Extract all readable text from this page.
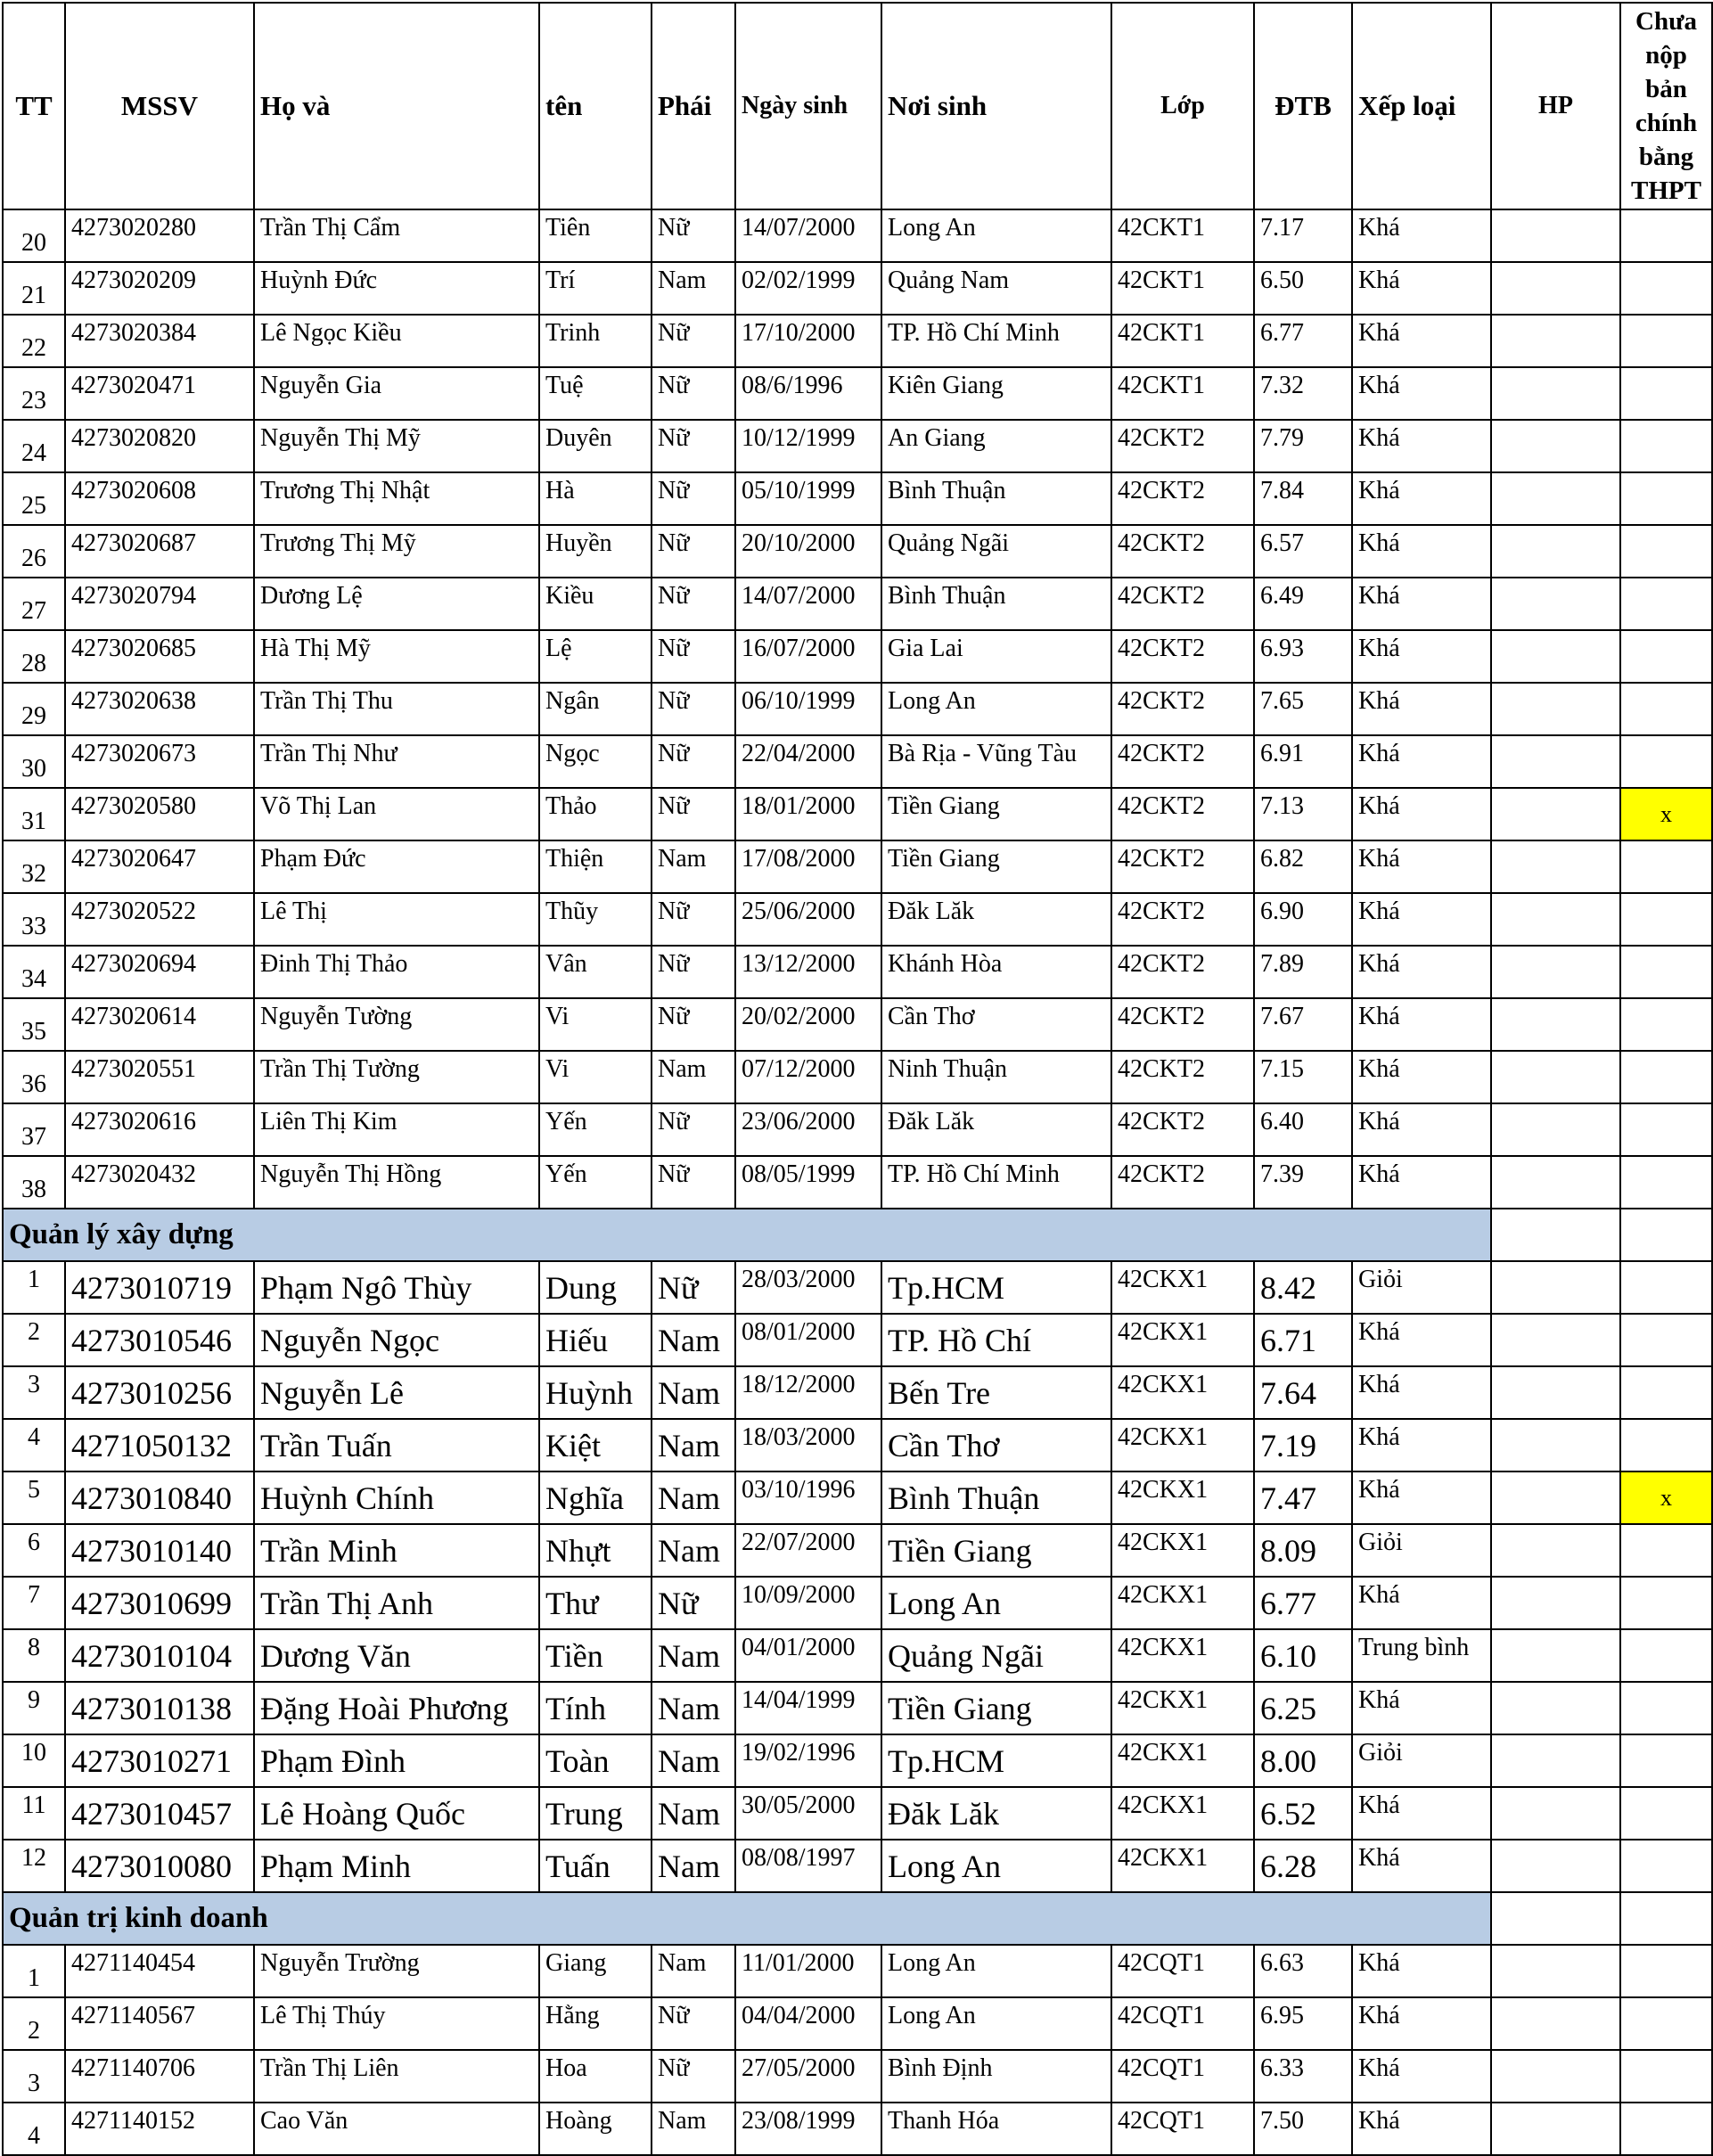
TT	MSSV	Họ và	tên	Phái	Ngày sinh	Nơi sinh	Lớp	ĐTB	Xếp loại	HP	Chưa nộp bản chính bằng THPT
20	4273020280	Trần Thị Cẩm	Tiên	Nữ	14/07/2000	Long An	42CKT1	7.17	Khá		
21	4273020209	Huỳnh Đức	Trí	Nam	02/02/1999	Quảng Nam	42CKT1	6.50	Khá		
22	4273020384	Lê Ngọc Kiều	Trinh	Nữ	17/10/2000	TP. Hồ Chí Minh	42CKT1	6.77	Khá		
23	4273020471	Nguyễn Gia	Tuệ	Nữ	08/6/1996	Kiên Giang	42CKT1	7.32	Khá		
24	4273020820	Nguyễn Thị Mỹ	Duyên	Nữ	10/12/1999	An Giang	42CKT2	7.79	Khá		
25	4273020608	Trương Thị Nhật	Hà	Nữ	05/10/1999	Bình Thuận	42CKT2	7.84	Khá		
26	4273020687	Trương Thị Mỹ	Huyền	Nữ	20/10/2000	Quảng Ngãi	42CKT2	6.57	Khá		
27	4273020794	Dương Lệ	Kiều	Nữ	14/07/2000	Bình Thuận	42CKT2	6.49	Khá		
28	4273020685	Hà Thị Mỹ	Lệ	Nữ	16/07/2000	Gia Lai	42CKT2	6.93	Khá		
29	4273020638	Trần Thị Thu	Ngân	Nữ	06/10/1999	Long An	42CKT2	7.65	Khá		
30	4273020673	Trần Thị Như	Ngọc	Nữ	22/04/2000	Bà Rịa - Vũng Tàu	42CKT2	6.91	Khá		
31	4273020580	Võ Thị Lan	Thảo	Nữ	18/01/2000	Tiền Giang	42CKT2	7.13	Khá		x
32	4273020647	Phạm Đức	Thiện	Nam	17/08/2000	Tiền Giang	42CKT2	6.82	Khá		
33	4273020522	Lê Thị	Thũy	Nữ	25/06/2000	Đăk Lăk	42CKT2	6.90	Khá		
34	4273020694	Đinh Thị Thảo	Vân	Nữ	13/12/2000	Khánh Hòa	42CKT2	7.89	Khá		
35	4273020614	Nguyễn Tường	Vi	Nữ	20/02/2000	Cần Thơ	42CKT2	7.67	Khá		
36	4273020551	Trần Thị Tường	Vi	Nam	07/12/2000	Ninh Thuận	42CKT2	7.15	Khá		
37	4273020616	Liên Thị Kim	Yến	Nữ	23/06/2000	Đăk Lăk	42CKT2	6.40	Khá		
38	4273020432	Nguyễn Thị Hồng	Yến	Nữ	08/05/1999	TP. Hồ Chí Minh	42CKT2	7.39	Khá		
Quản lý xây dựng											
1	4273010719	Phạm Ngô Thùy	Dung	Nữ	28/03/2000	Tp.HCM	42CKX1	8.42	Giỏi		
2	4273010546	Nguyễn Ngọc	Hiếu	Nam	08/01/2000	TP. Hồ Chí	42CKX1	6.71	Khá		
3	4273010256	Nguyễn Lê	Huỳnh	Nam	18/12/2000	Bến Tre	42CKX1	7.64	Khá		
4	4271050132	Trần Tuấn	Kiệt	Nam	18/03/2000	Cần Thơ	42CKX1	7.19	Khá		
5	4273010840	Huỳnh Chính	Nghĩa	Nam	03/10/1996	Bình Thuận	42CKX1	7.47	Khá		x
6	4273010140	Trần Minh	Nhựt	Nam	22/07/2000	Tiền Giang	42CKX1	8.09	Giỏi		
7	4273010699	Trần Thị Anh	Thư	Nữ	10/09/2000	Long An	42CKX1	6.77	Khá		
8	4273010104	Dương Văn	Tiền	Nam	04/01/2000	Quảng Ngãi	42CKX1	6.10	Trung bình		
9	4273010138	Đặng Hoài Phương	Tính	Nam	14/04/1999	Tiền Giang	42CKX1	6.25	Khá		
10	4273010271	Phạm Đình	Toàn	Nam	19/02/1996	Tp.HCM	42CKX1	8.00	Giỏi		
11	4273010457	Lê Hoàng Quốc	Trung	Nam	30/05/2000	Đăk Lăk	42CKX1	6.52	Khá		
12	4273010080	Phạm Minh	Tuấn	Nam	08/08/1997	Long An	42CKX1	6.28	Khá		
Quản trị kinh doanh											
1	4271140454	Nguyễn Trường	Giang	Nam	11/01/2000	Long An	42CQT1	6.63	Khá		
2	4271140567	Lê Thị Thúy	Hằng	Nữ	04/04/2000	Long An	42CQT1	6.95	Khá		
3	4271140706	Trần Thị Liên	Hoa	Nữ	27/05/2000	Bình Định	42CQT1	6.33	Khá		
4	4271140152	Cao Văn	Hoàng	Nam	23/08/1999	Thanh Hóa	42CQT1	7.50	Khá		
